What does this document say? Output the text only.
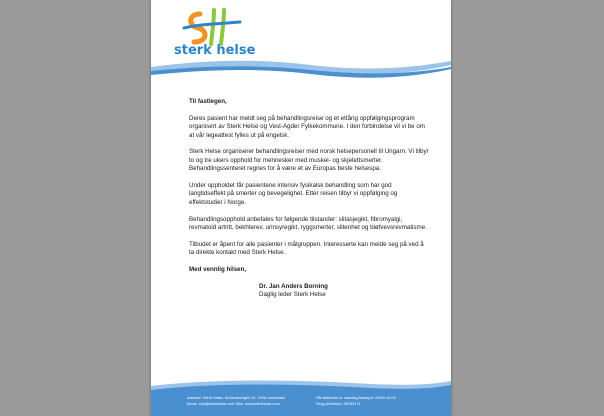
sterk helse

Til fastlegen,

Deres pasient har meldt seg på behandlingsreise og et ettårig oppfølgingsprogram organisert av Sterk Helse og Vest-Agder Fylkekommune. I den forbindelse vil vi be om at vår legeattest fylles ut på engelsk.

Sterk Helse organiserer behandlingsreiser med norsk helsepersonell til Ungarn. Vi tilbyr to og tre ukers opphold for mennesker med muskel- og skjelettsmerter. Behandlingssenteret regnes for å være et av Europas beste helsespa.

Under oppholdet får pasientene intensiv fysikalsk behandling som har god langtidseffekt på smerter og bevegelighet. Etter reisen tilbyr vi oppfølging og effektstudier i Norge.

Behandlingsopphold anbefales for følgende tilstander: slitasjegikt, fibromyalgi, revmatoid artritt, bekhterev, urinsyregikt, ryggsmerter, slitenhet og bløtvevsrevmatisme.

Tilbudet er åpent for alle pasienter i målgruppen. Interesserte kan melde seg på ved å ta direkte kontakt med Sterk Helse.

Med vennlig hilsen,

Dr. Jan Anders Borning
Daglig leder Sterk Helse
Adresse: Sterk Helse, Kurlandsvegen 20, 2006 Løvenstad
Epost: info@sterkhelse.com Web: www.sterkhelse.com
Vår telefontid er mandag-fredag kl. 09:00-15:00
Ring på telefon: 98763174
